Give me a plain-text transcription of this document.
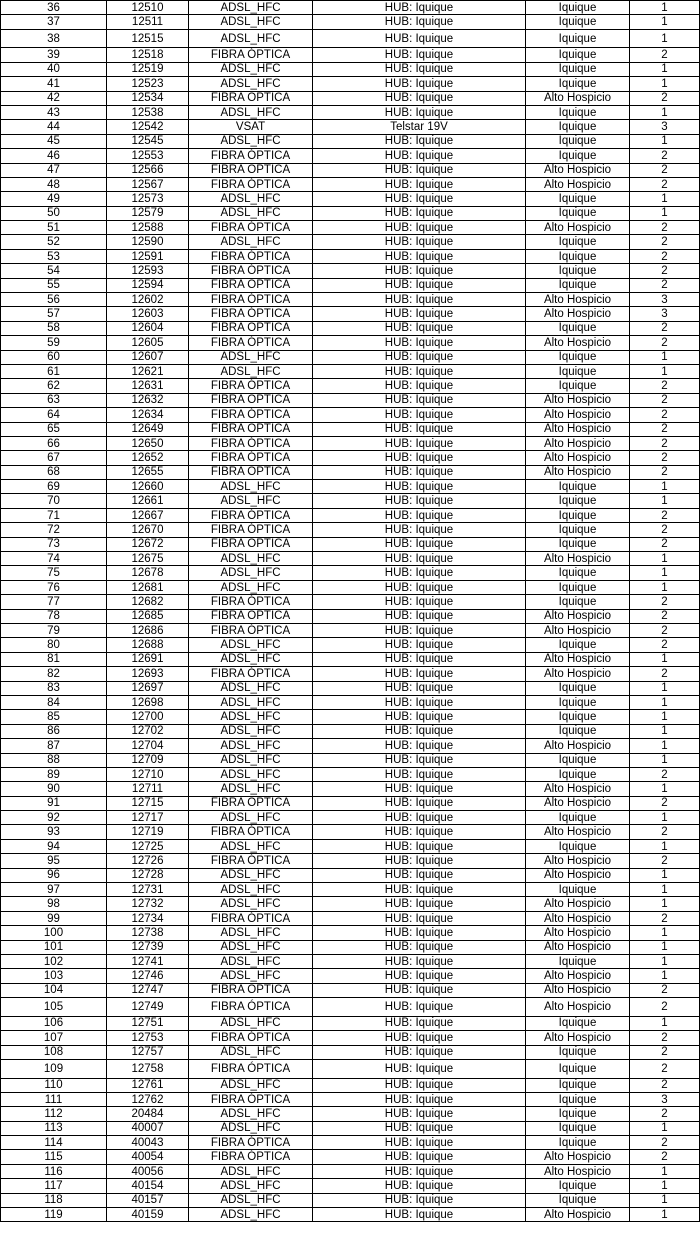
36	12510	ADSL_HFC	HUB: Iquique	Iquique	1
37	12511	ADSL_HFC	HUB: Iquique	Iquique	1
38	12515	ADSL_HFC	HUB: Iquique	Iquique	1
39	12518	FIBRA ÓPTICA	HUB: Iquique	Iquique	2
40	12519	ADSL_HFC	HUB: Iquique	Iquique	1
41	12523	ADSL_HFC	HUB: Iquique	Iquique	1
42	12534	FIBRA ÓPTICA	HUB: Iquique	Alto Hospicio	2
43	12538	ADSL_HFC	HUB: Iquique	Iquique	1
44	12542	VSAT	Telstar 19V	Iquique	3
45	12545	ADSL_HFC	HUB: Iquique	Iquique	1
46	12553	FIBRA ÓPTICA	HUB: Iquique	Iquique	2
47	12566	FIBRA ÓPTICA	HUB: Iquique	Alto Hospicio	2
48	12567	FIBRA ÓPTICA	HUB: Iquique	Alto Hospicio	2
49	12573	ADSL_HFC	HUB: Iquique	Iquique	1
50	12579	ADSL_HFC	HUB: Iquique	Iquique	1
51	12588	FIBRA ÓPTICA	HUB: Iquique	Alto Hospicio	2
52	12590	ADSL_HFC	HUB: Iquique	Iquique	2
53	12591	FIBRA ÓPTICA	HUB: Iquique	Iquique	2
54	12593	FIBRA ÓPTICA	HUB: Iquique	Iquique	2
55	12594	FIBRA ÓPTICA	HUB: Iquique	Iquique	2
56	12602	FIBRA ÓPTICA	HUB: Iquique	Alto Hospicio	3
57	12603	FIBRA ÓPTICA	HUB: Iquique	Alto Hospicio	3
58	12604	FIBRA ÓPTICA	HUB: Iquique	Iquique	2
59	12605	FIBRA ÓPTICA	HUB: Iquique	Alto Hospicio	2
60	12607	ADSL_HFC	HUB: Iquique	Iquique	1
61	12621	ADSL_HFC	HUB: Iquique	Iquique	1
62	12631	FIBRA ÓPTICA	HUB: Iquique	Iquique	2
63	12632	FIBRA ÓPTICA	HUB: Iquique	Alto Hospicio	2
64	12634	FIBRA ÓPTICA	HUB: Iquique	Alto Hospicio	2
65	12649	FIBRA ÓPTICA	HUB: Iquique	Alto Hospicio	2
66	12650	FIBRA ÓPTICA	HUB: Iquique	Alto Hospicio	2
67	12652	FIBRA ÓPTICA	HUB: Iquique	Alto Hospicio	2
68	12655	FIBRA ÓPTICA	HUB: Iquique	Alto Hospicio	2
69	12660	ADSL_HFC	HUB: Iquique	Iquique	1
70	12661	ADSL_HFC	HUB: Iquique	Iquique	1
71	12667	FIBRA ÓPTICA	HUB: Iquique	Iquique	2
72	12670	FIBRA ÓPTICA	HUB: Iquique	Iquique	2
73	12672	FIBRA ÓPTICA	HUB: Iquique	Iquique	2
74	12675	ADSL_HFC	HUB: Iquique	Alto Hospicio	1
75	12678	ADSL_HFC	HUB: Iquique	Iquique	1
76	12681	ADSL_HFC	HUB: Iquique	Iquique	1
77	12682	FIBRA ÓPTICA	HUB: Iquique	Iquique	2
78	12685	FIBRA ÓPTICA	HUB: Iquique	Alto Hospicio	2
79	12686	FIBRA ÓPTICA	HUB: Iquique	Alto Hospicio	2
80	12688	ADSL_HFC	HUB: Iquique	Iquique	2
81	12691	ADSL_HFC	HUB: Iquique	Alto Hospicio	1
82	12693	FIBRA ÓPTICA	HUB: Iquique	Alto Hospicio	2
83	12697	ADSL_HFC	HUB: Iquique	Iquique	1
84	12698	ADSL_HFC	HUB: Iquique	Iquique	1
85	12700	ADSL_HFC	HUB: Iquique	Iquique	1
86	12702	ADSL_HFC	HUB: Iquique	Iquique	1
87	12704	ADSL_HFC	HUB: Iquique	Alto Hospicio	1
88	12709	ADSL_HFC	HUB: Iquique	Iquique	1
89	12710	ADSL_HFC	HUB: Iquique	Iquique	2
90	12711	ADSL_HFC	HUB: Iquique	Alto Hospicio	1
91	12715	FIBRA ÓPTICA	HUB: Iquique	Alto Hospicio	2
92	12717	ADSL_HFC	HUB: Iquique	Iquique	1
93	12719	FIBRA ÓPTICA	HUB: Iquique	Alto Hospicio	2
94	12725	ADSL_HFC	HUB: Iquique	Iquique	1
95	12726	FIBRA ÓPTICA	HUB: Iquique	Alto Hospicio	2
96	12728	ADSL_HFC	HUB: Iquique	Alto Hospicio	1
97	12731	ADSL_HFC	HUB: Iquique	Iquique	1
98	12732	ADSL_HFC	HUB: Iquique	Alto Hospicio	1
99	12734	FIBRA ÓPTICA	HUB: Iquique	Alto Hospicio	2
100	12738	ADSL_HFC	HUB: Iquique	Alto Hospicio	1
101	12739	ADSL_HFC	HUB: Iquique	Alto Hospicio	1
102	12741	ADSL_HFC	HUB: Iquique	Iquique	1
103	12746	ADSL_HFC	HUB: Iquique	Alto Hospicio	1
104	12747	FIBRA ÓPTICA	HUB: Iquique	Alto Hospicio	2
105	12749	FIBRA ÓPTICA	HUB: Iquique	Alto Hospicio	2
106	12751	ADSL_HFC	HUB: Iquique	Iquique	1
107	12753	FIBRA ÓPTICA	HUB: Iquique	Alto Hospicio	2
108	12757	ADSL_HFC	HUB: Iquique	Iquique	2
109	12758	FIBRA ÓPTICA	HUB: Iquique	Iquique	2
110	12761	ADSL_HFC	HUB: Iquique	Iquique	2
111	12762	FIBRA ÓPTICA	HUB: Iquique	Iquique	3
112	20484	ADSL_HFC	HUB: Iquique	Iquique	2
113	40007	ADSL_HFC	HUB: Iquique	Iquique	1
114	40043	FIBRA ÓPTICA	HUB: Iquique	Iquique	2
115	40054	FIBRA ÓPTICA	HUB: Iquique	Alto Hospicio	2
116	40056	ADSL_HFC	HUB: Iquique	Alto Hospicio	1
117	40154	ADSL_HFC	HUB: Iquique	Iquique	1
118	40157	ADSL_HFC	HUB: Iquique	Iquique	1
119	40159	ADSL_HFC	HUB: Iquique	Alto Hospicio	1
